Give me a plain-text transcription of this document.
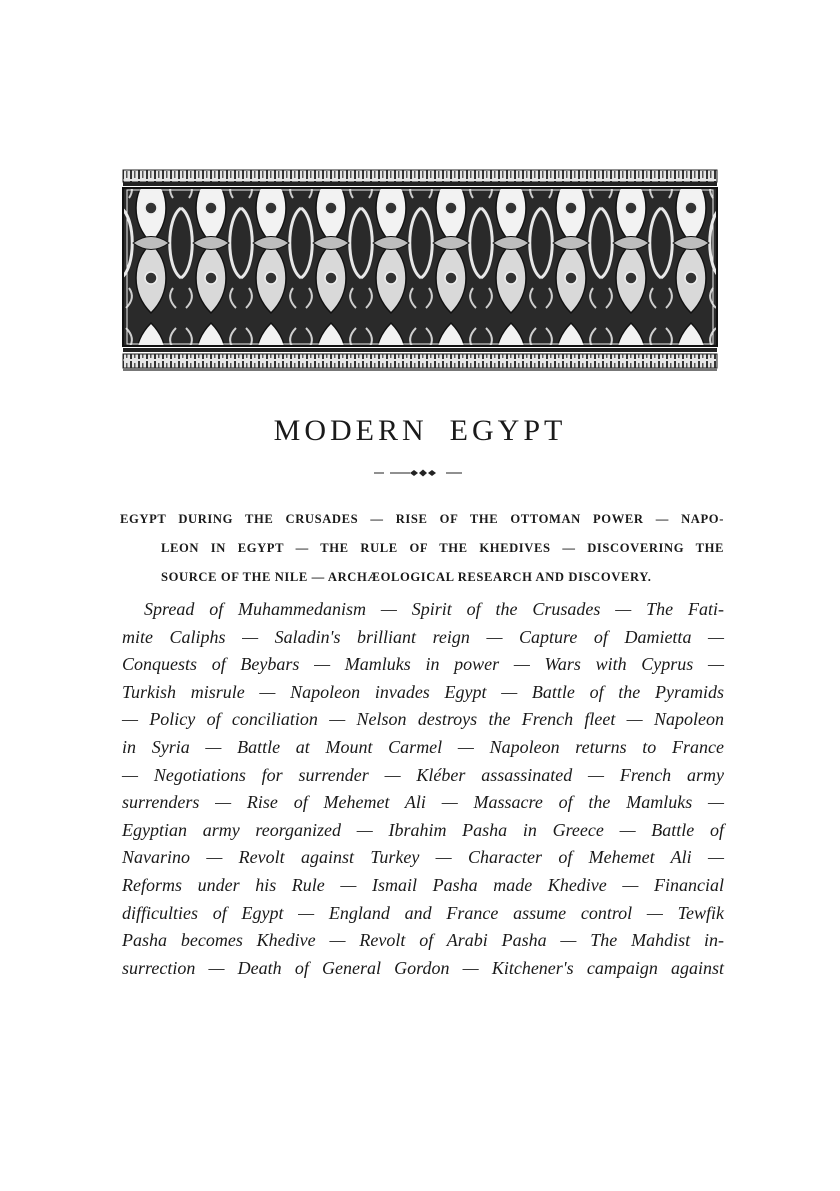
MODERN EGYPT
EGYPT DURING THE CRUSADES — RISE OF THE OTTOMAN POWER — NAPO-
LEON IN EGYPT — THE RULE OF THE KHEDIVES — DISCOVERING THE
SOURCE OF THE NILE — ARCHÆOLOGICAL RESEARCH AND DISCOVERY.
Spread of Muhammedanism — Spirit of the Crusades — The Fati-
mite Caliphs — Saladin's brilliant reign — Capture of Damietta —
Conquests of Beybars — Mamluks in power — Wars with Cyprus —
Turkish misrule — Napoleon invades Egypt — Battle of the Pyramids
— Policy of conciliation — Nelson destroys the French fleet — Napoleon
in Syria — Battle at Mount Carmel — Napoleon returns to France
— Negotiations for surrender — Kléber assassinated — French army
surrenders — Rise of Mehemet Ali — Massacre of the Mamluks —
Egyptian army reorganized — Ibrahim Pasha in Greece — Battle of
Navarino — Revolt against Turkey — Character of Mehemet Ali —
Reforms under his Rule — Ismail Pasha made Khedive — Financial
difficulties of Egypt — England and France assume control — Tewfik
Pasha becomes Khedive — Revolt of Arabi Pasha — The Mahdist in-
surrection — Death of General Gordon — Kitchener's campaign against
